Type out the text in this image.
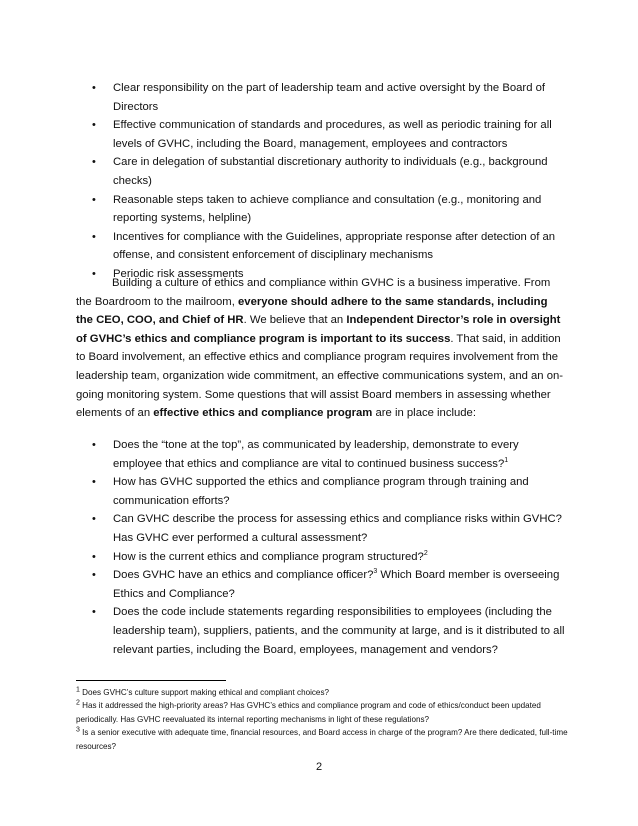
• Clear responsibility on the part of leadership team and active oversight by the Board of Directors
• Effective communication of standards and procedures, as well as periodic training for all levels of GVHC, including the Board, management, employees and contractors
• Care in delegation of substantial discretionary authority to individuals (e.g., background checks)
• Reasonable steps taken to achieve compliance and consultation (e.g., monitoring and reporting systems, helpline)
• Incentives for compliance with the Guidelines, appropriate response after detection of an offense, and consistent enforcement of disciplinary mechanisms
• Periodic risk assessments

Building a culture of ethics and compliance within GVHC is a business imperative. From the Boardroom to the mailroom, everyone should adhere to the same standards, including the CEO, COO, and Chief of HR. We believe that an Independent Director’s role in oversight of GVHC’s ethics and compliance program is important to its success. That said, in addition to Board involvement, an effective ethics and compliance program requires involvement from the leadership team, organization wide commitment, an effective communications system, and an on-going monitoring system. Some questions that will assist Board members in assessing whether elements of an effective ethics and compliance program are in place include:

• Does the “tone at the top”, as communicated by leadership, demonstrate to every employee that ethics and compliance are vital to continued business success?$^1$
• How has GVHC supported the ethics and compliance program through training and communication efforts?
• Can GVHC describe the process for assessing ethics and compliance risks within GVHC? Has GVHC ever performed a cultural assessment?
• How is the current ethics and compliance program structured?$^2$
• Does GVHC have an ethics and compliance officer?$^3$ Which Board member is overseeing Ethics and Compliance?
• Does the code include statements regarding responsibilities to employees (including the leadership team), suppliers, patients, and the community at large, and is it distributed to all relevant parties, including the Board, employees, management and vendors?

$^1$ Does GVHC’s culture support making ethical and compliant choices?

$^2$ Has it addressed the high-priority areas? Has GVHC’s ethics and compliance program and code of ethics/conduct been updated periodically. Has GVHC reevaluated its internal reporting mechanisms in light of these regulations?

$^3$ Is a senior executive with adequate time, financial resources, and Board access in charge of the program? Are there dedicated, full-time resources?

2
